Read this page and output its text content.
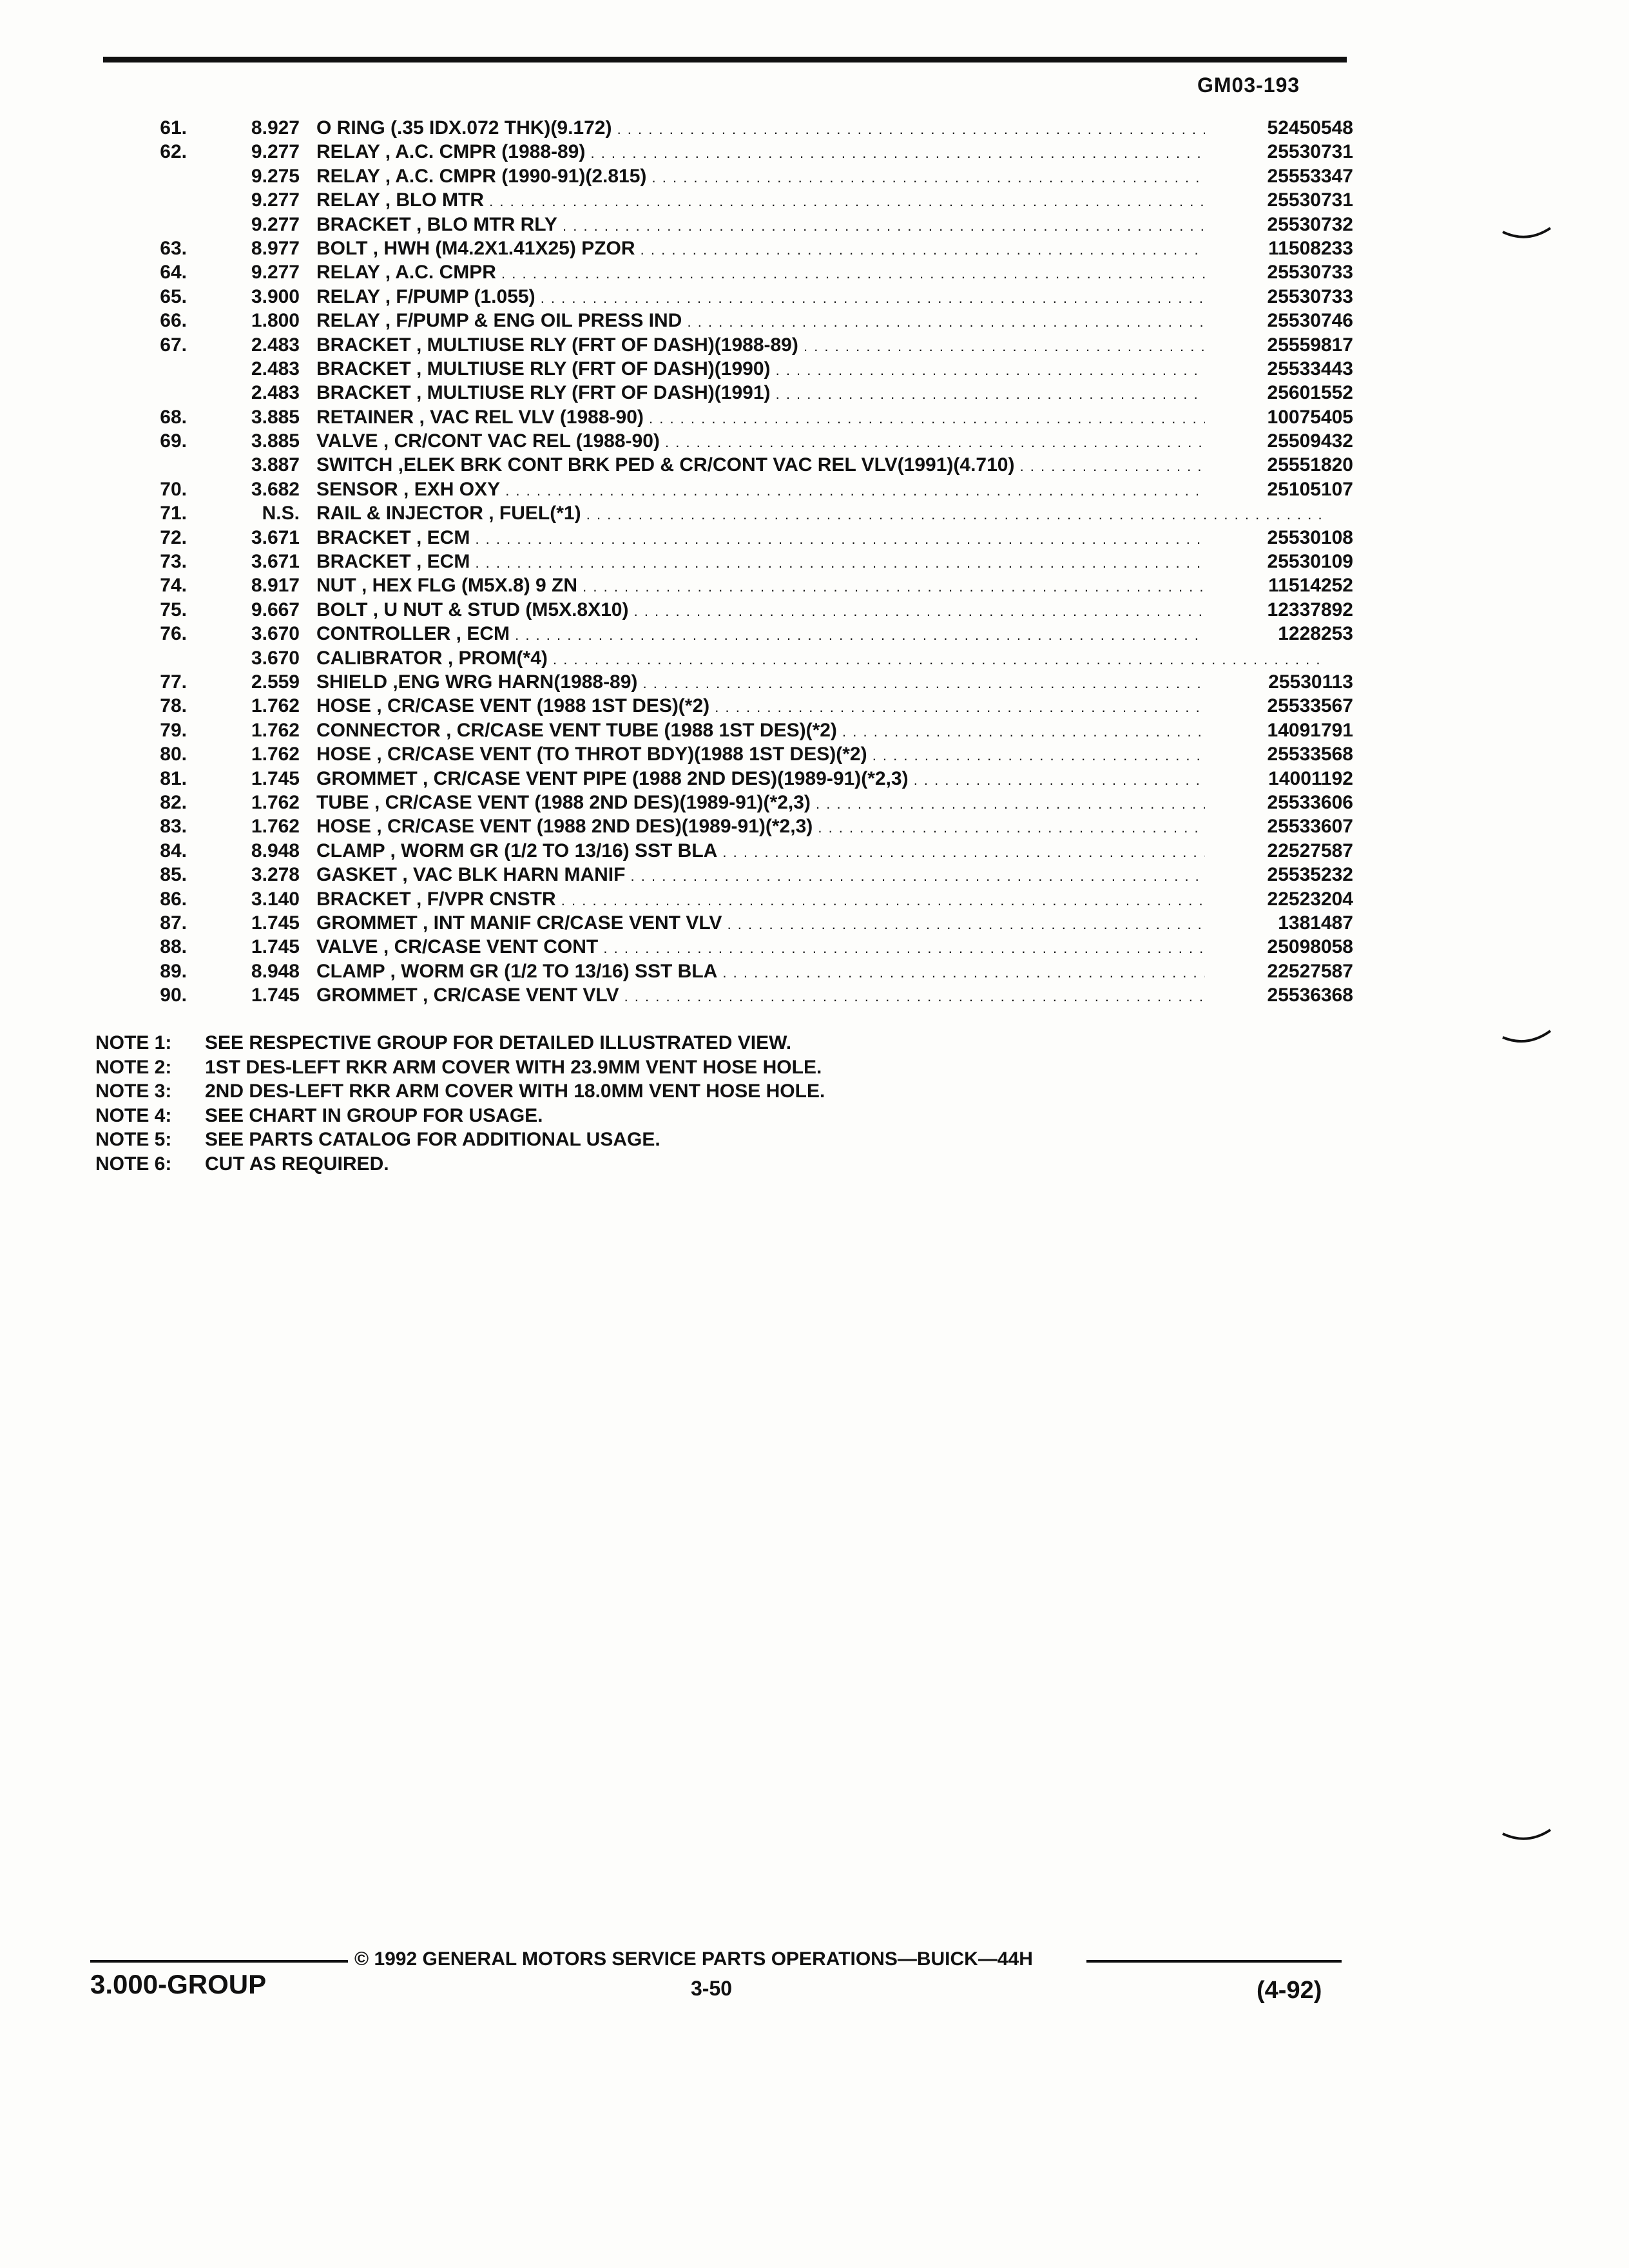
GM03-193
61.	8.927 O RING (.35 IDX.072 THK)(9.172) . . .	52450548
62.	9.277 RELAY , A.C. CMPR (1988-89) . . .	25530731
9.275 RELAY , A.C. CMPR (1990-91)(2.815) . . .	25553347
9.277 RELAY , BLO MTR . . .	25530731
9.277 BRACKET , BLO MTR RLY . . .	25530732
63.	8.977 BOLT , HWH (M4.2X1.41X25) PZOR . . .	11508233
64.	9.277 RELAY , A.C. CMPR . . .	25530733
65.	3.900 RELAY , F/PUMP (1.055) . . .	25530733
66.	1.800 RELAY , F/PUMP & ENG OIL PRESS IND . . .	25530746
67.	2.483 BRACKET , MULTIUSE RLY (FRT OF DASH)(1988-89) . . .	25559817
2.483 BRACKET , MULTIUSE RLY (FRT OF DASH)(1990) . . .	25533443
2.483 BRACKET , MULTIUSE RLY (FRT OF DASH)(1991) . . .	25601552
68.	3.885 RETAINER , VAC REL VLV (1988-90) . . .	10075405
69.	3.885 VALVE , CR/CONT VAC REL (1988-90) . . .	25509432
3.887 SWITCH ,ELEK BRK CONT BRK PED & CR/CONT VAC REL VLV(1991)(4.710) . . .	25551820
70.	3.682 SENSOR , EXH OXY . . .	25105107
71.	N.S. RAIL & INJECTOR , FUEL(*1) . . .
72.	3.671 BRACKET , ECM . . .	25530108
73.	3.671 BRACKET , ECM . . .	25530109
74.	8.917 NUT , HEX FLG (M5X.8) 9 ZN . . .	11514252
75.	9.667 BOLT , U NUT & STUD (M5X.8X10) . . .	12337892
76.	3.670 CONTROLLER , ECM . . .	1228253
3.670 CALIBRATOR , PROM(*4) . . .
77.	2.559 SHIELD ,ENG WRG HARN(1988-89) . . .	25530113
78.	1.762 HOSE , CR/CASE VENT (1988 1ST DES)(*2) . . .	25533567
79.	1.762 CONNECTOR , CR/CASE VENT TUBE (1988 1ST DES)(*2) . . .	14091791
80.	1.762 HOSE , CR/CASE VENT (TO THROT BDY)(1988 1ST DES)(*2) . . .	25533568
81.	1.745 GROMMET , CR/CASE VENT PIPE (1988 2ND DES)(1989-91)(*2,3) . . .	14001192
82.	1.762 TUBE , CR/CASE VENT (1988 2ND DES)(1989-91)(*2,3) . . .	25533606
83.	1.762 HOSE , CR/CASE VENT (1988 2ND DES)(1989-91)(*2,3) . . .	25533607
84.	8.948 CLAMP , WORM GR (1/2 TO 13/16) SST BLA . . .	22527587
85.	3.278 GASKET , VAC BLK HARN MANIF . . .	25535232
86.	3.140 BRACKET , F/VPR CNSTR . . .	22523204
87.	1.745 GROMMET , INT MANIF CR/CASE VENT VLV . . .	1381487
88.	1.745 VALVE , CR/CASE VENT CONT . . .	25098058
89.	8.948 CLAMP , WORM GR (1/2 TO 13/16) SST BLA . . .	22527587
90.	1.745 GROMMET , CR/CASE VENT VLV . . .	25536368
NOTE 1: SEE RESPECTIVE GROUP FOR DETAILED ILLUSTRATED VIEW.
NOTE 2: 1ST DES-LEFT RKR ARM COVER WITH 23.9MM VENT HOSE HOLE.
NOTE 3: 2ND DES-LEFT RKR ARM COVER WITH 18.0MM VENT HOSE HOLE.
NOTE 4: SEE CHART IN GROUP FOR USAGE.
NOTE 5: SEE PARTS CATALOG FOR ADDITIONAL USAGE.
NOTE 6: CUT AS REQUIRED.
© 1992 GENERAL MOTORS SERVICE PARTS OPERATIONS—BUICK—44H
3.000-GROUP	3-50	(4-92)
